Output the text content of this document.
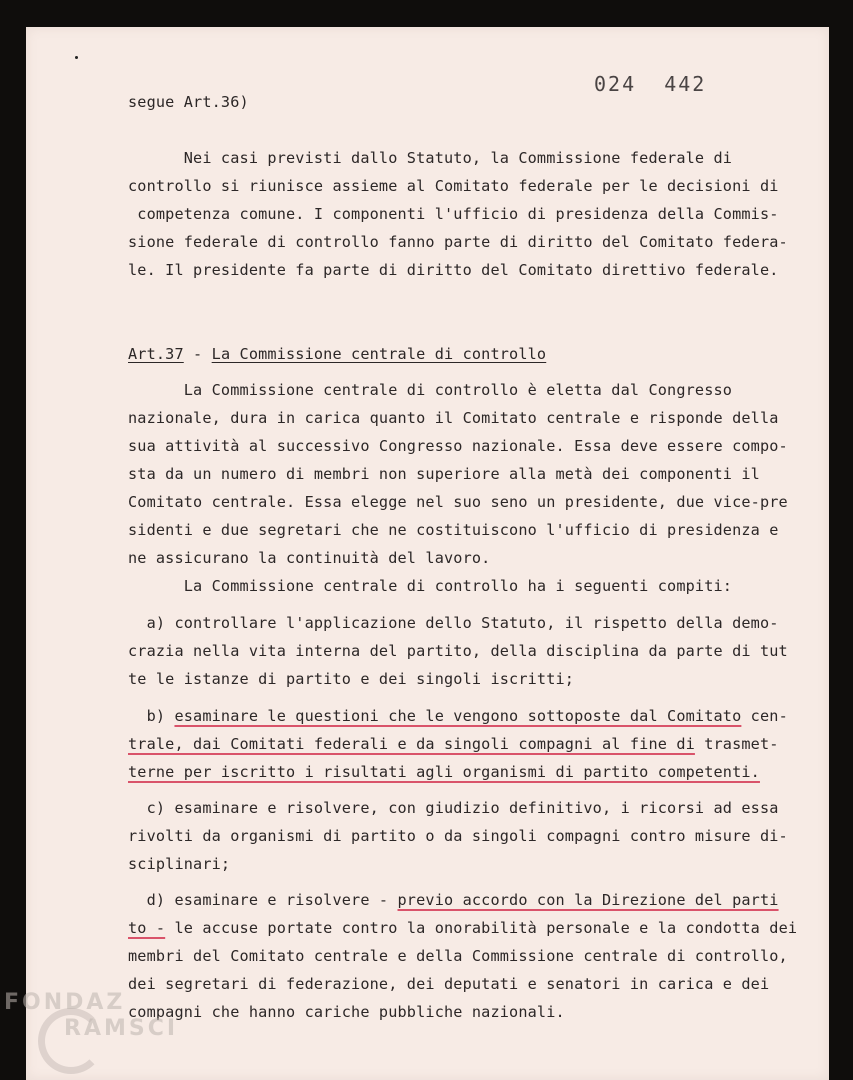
024  442
segue Art.36)
Nei casi previsti dallo Statuto, la Commissione federale di
controllo si riunisce assieme al Comitato federale per le decisioni di
competenza comune. I componenti l'ufficio di presidenza della Commis-
sione federale di controllo fanno parte di diritto del Comitato federa-
le. Il presidente fa parte di diritto del Comitato direttivo federale.
Art.37 - La Commissione centrale di controllo
La Commissione centrale di controllo è eletta dal Congresso
nazionale, dura in carica quanto il Comitato centrale e risponde della
sua attività al successivo Congresso nazionale. Essa deve essere compo-
sta da un numero di membri non superiore alla metà dei componenti il
Comitato centrale. Essa elegge nel suo seno un presidente, due vice-pre
sidenti e due segretari che ne costituiscono l'ufficio di presidenza e
ne assicurano la continuità del lavoro.
La Commissione centrale di controllo ha i seguenti compiti:
a) controllare l'applicazione dello Statuto, il rispetto della demo-
crazia nella vita interna del partito, della disciplina da parte di tut
te le istanze di partito e dei singoli iscritti;
b) esaminare le questioni che le vengono sottoposte dal Comitato cen-
trale, dai Comitati federali e da singoli compagni al fine di trasmet-
terne per iscritto i risultati agli organismi di partito competenti.
c) esaminare e risolvere, con giudizio definitivo, i ricorsi ad essa
rivolti da organismi di partito o da singoli compagni contro misure di-
sciplinari;
d) esaminare e risolvere - previo accordo con la Direzione del parti
to - le accuse portate contro la onorabilità personale e la condotta dei
membri del Comitato centrale e della Commissione centrale di controllo,
dei segretari di federazione, dei deputati e senatori in carica e dei
compagni che hanno cariche pubbliche nazionali.
FONDAZ
RAMSCI
